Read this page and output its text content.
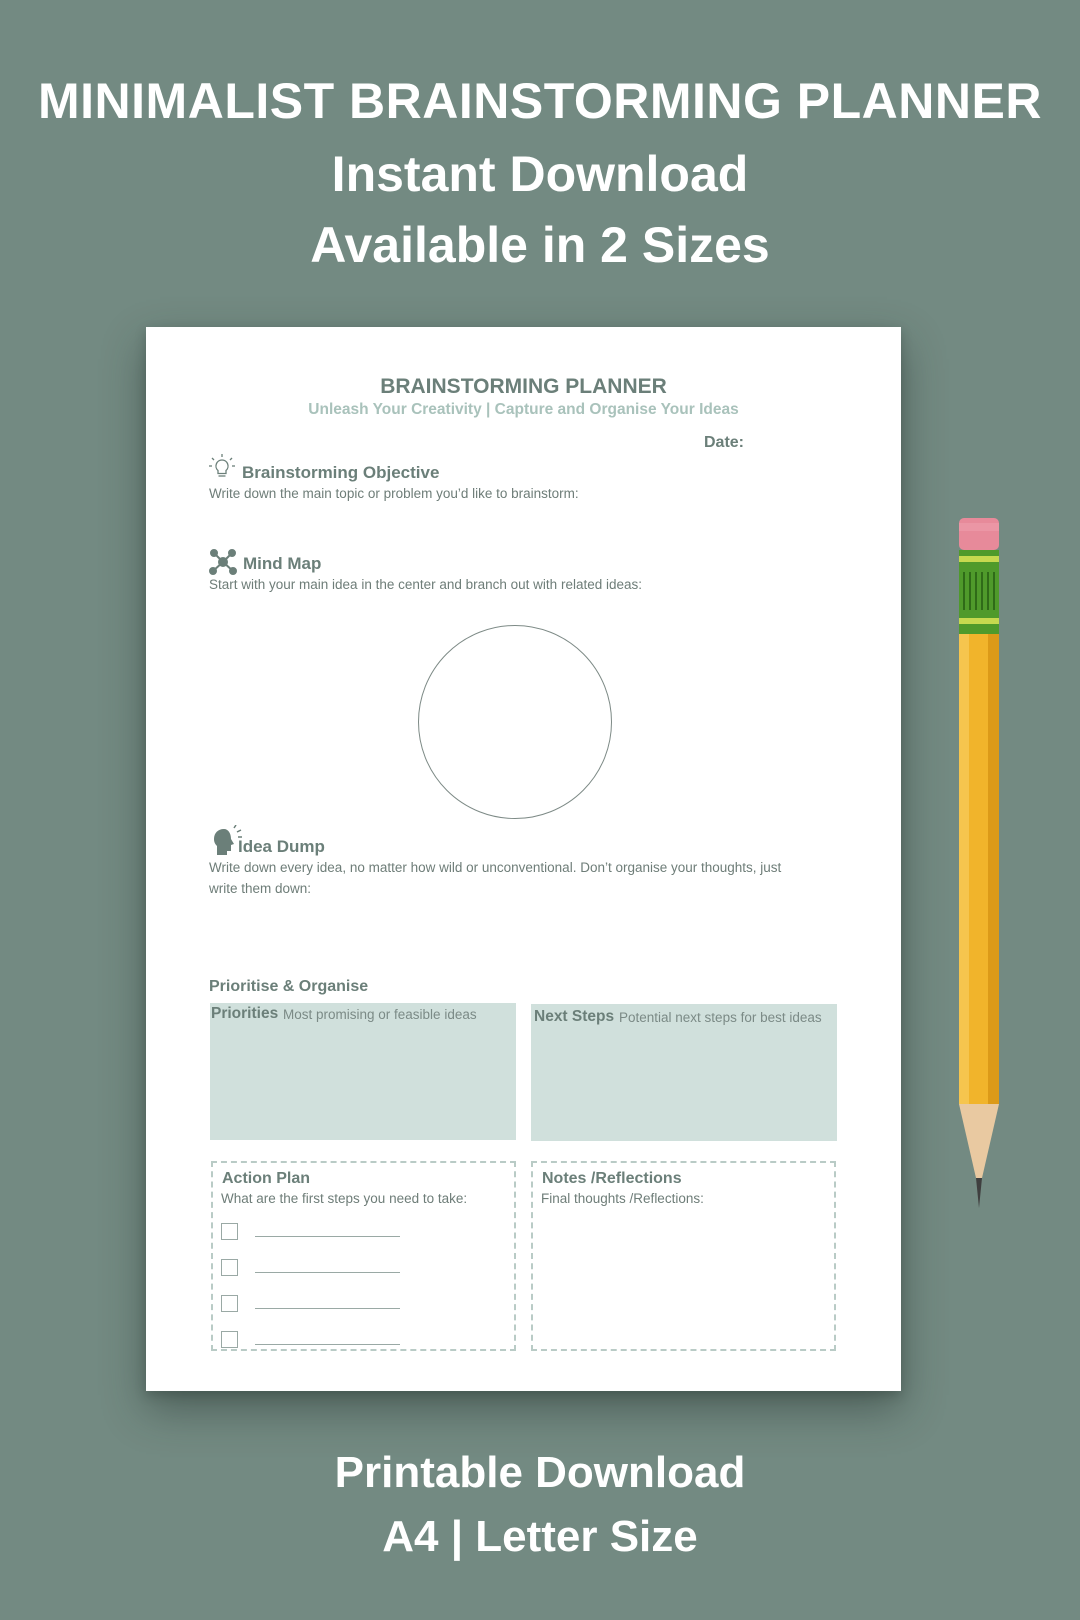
MINIMALIST BRAINSTORMING PLANNER
Instant Download
Available in 2 Sizes
BRAINSTORMING PLANNER
Unleash Your Creativity | Capture and Organise Your Ideas
Date:
Brainstorming Objective
Write down the main topic or problem you’d like to brainstorm:
Mind Map
Start with your main idea in the center and branch out with related ideas:
Idea Dump
Write down every idea, no matter how wild or unconventional. Don’t organise your thoughts, just write them down:
Prioritise & Organise
Priorities Most promising or feasible ideas	Next Steps Potential next steps for best ideas
Action Plan
What are the first steps you need to take:
Notes /Reflections
Final thoughts /Reflections:
Printable Download
A4 | Letter Size
